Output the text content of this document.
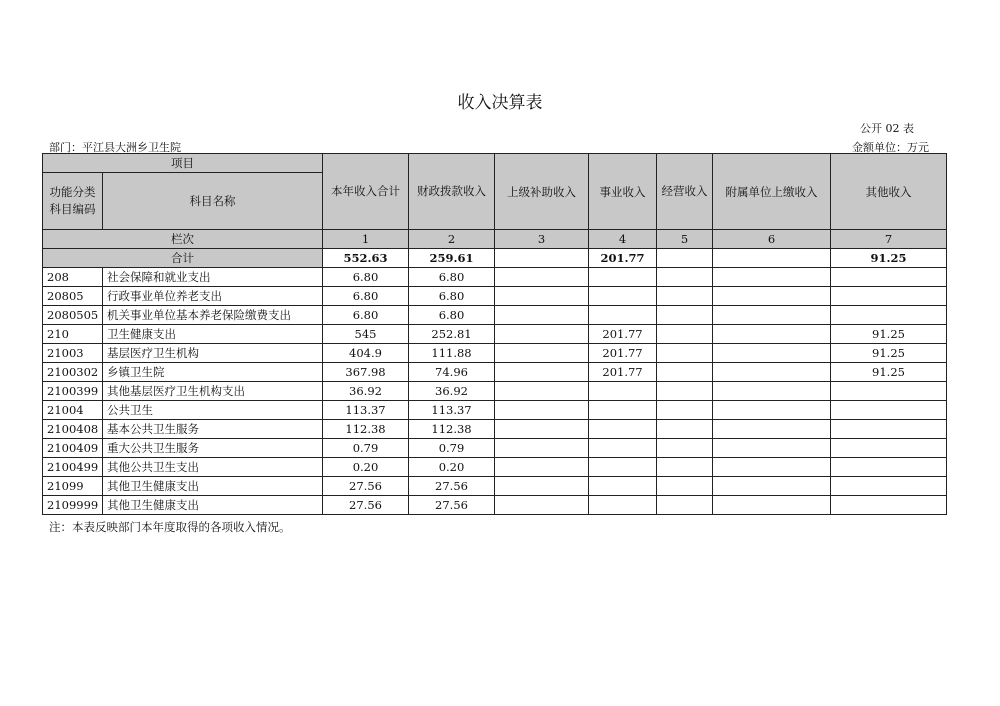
收入决算表
公开 02 表
部门：平江县大洲乡卫生院	金额单位：万元
项目		本年收入合计	财政拨款收入	上级补助收入	事业收入	经营收入	附属单位上缴收入	其他收入
功能分类科目编码	科目名称							
栏次		1	2	3	4	5	6	7
合计		552.63	259.61		201.77			91.25
208	社会保障和就业支出	6.80	6.80					
20805	行政事业单位养老支出	6.80	6.80					
2080505	机关事业单位基本养老保险缴费支出	6.80	6.80					
210	卫生健康支出	545	252.81		201.77			91.25
21003	基层医疗卫生机构	404.9	111.88		201.77			91.25
2100302	乡镇卫生院	367.98	74.96		201.77			91.25
2100399	其他基层医疗卫生机构支出	36.92	36.92					
21004	公共卫生	113.37	113.37					
2100408	基本公共卫生服务	112.38	112.38					
2100409	重大公共卫生服务	0.79	0.79					
2100499	其他公共卫生支出	0.20	0.20					
21099	其他卫生健康支出	27.56	27.56					
2109999	其他卫生健康支出	27.56	27.56					
注：本表反映部门本年度取得的各项收入情况。
